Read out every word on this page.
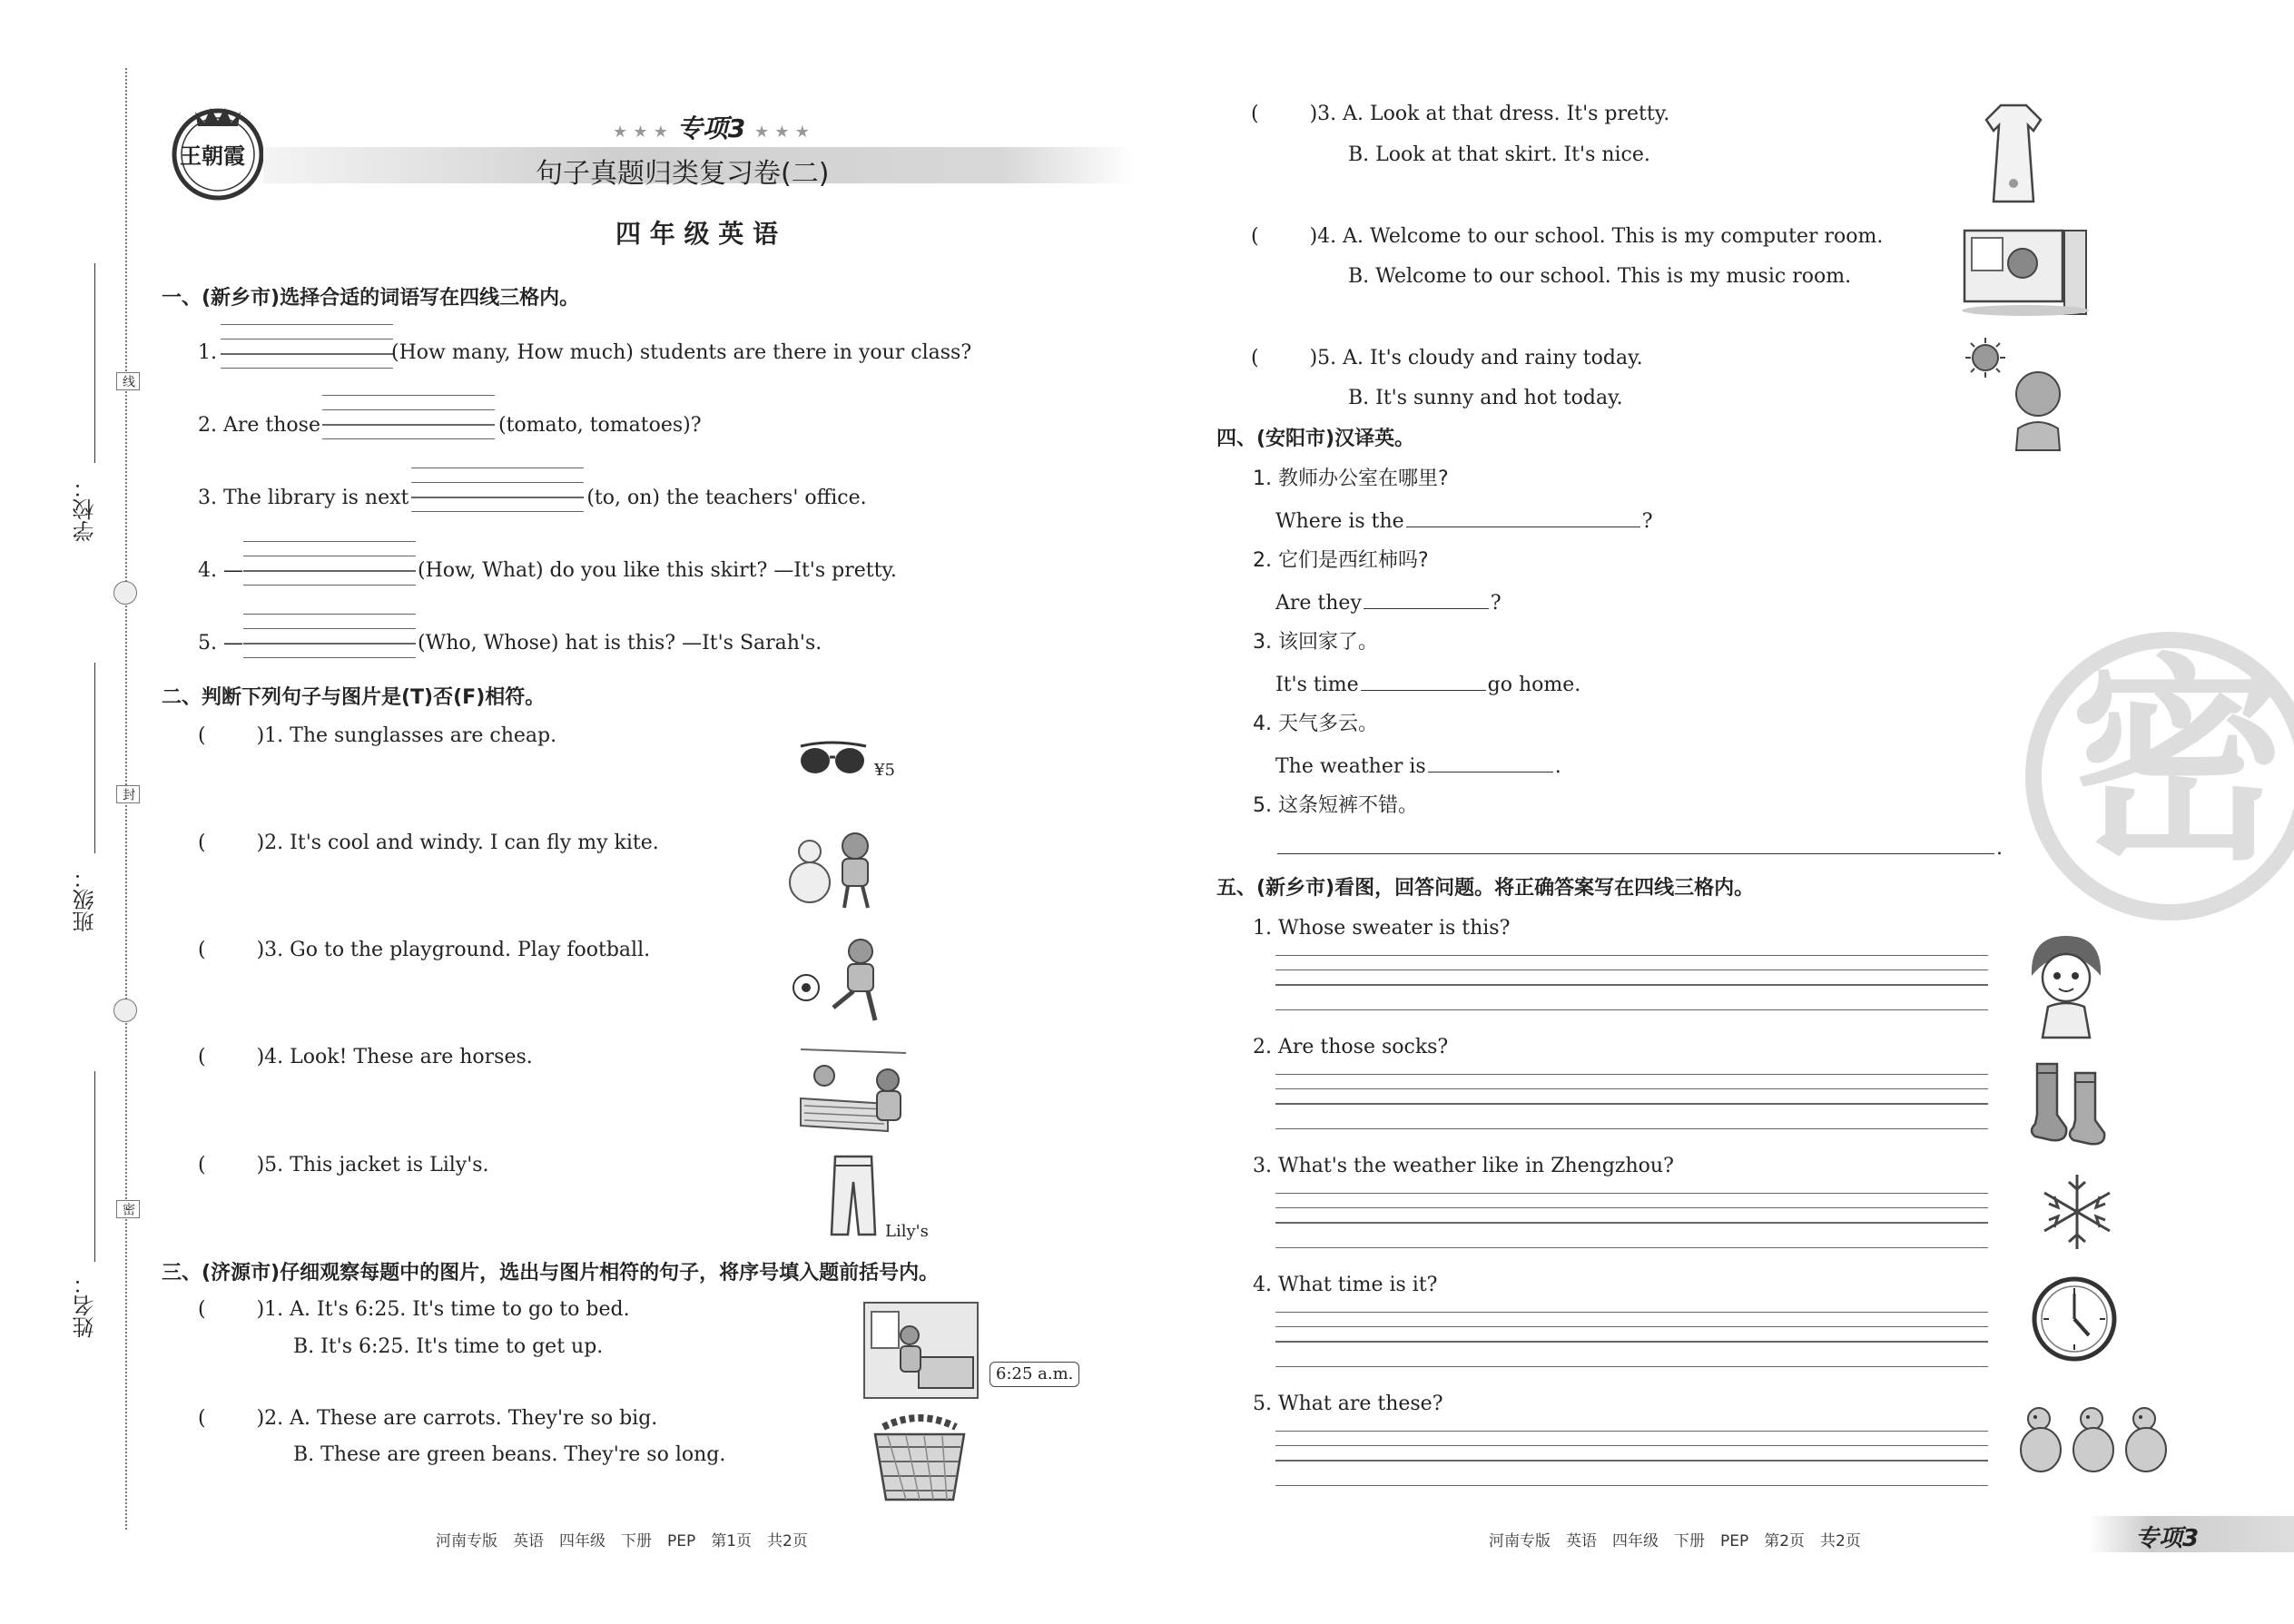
学校：
线
班级：
封
姓名：
密
王朝霞
★ ★ ★ 专项3 ★ ★ ★
句子真题归类复习卷(二)
四 年 级 英 语
一、(新乡市)选择合适的词语写在四线三格内。
1.	(How many, How much) students are there in your class?
2. Are those	(tomato, tomatoes)?
3. The library is next	(to, on) the teachers' office.
4. —	(How, What) do you like this skirt? —It's pretty.
5. —	(Who, Whose) hat is this? —It's Sarah's.
二、判断下列句子与图片是(T)否(F)相符。
(	)1. The sunglasses are cheap.
¥5
(	)2. It's cool and windy. I can fly my kite.
(	)3. Go to the playground. Play football.
(	)4. Look! These are horses.
(	)5. This jacket is Lily's.
Lily's
三、(济源市)仔细观察每题中的图片，选出与图片相符的句子，将序号填入题前括号内。
(	)1. A. It's 6:25. It's time to go to bed.
B. It's 6:25. It's time to get up.
6:25 a.m.
(	)2. A. These are carrots. They're so big.
B. These are green beans. They're so long.
河南专版　英语　四年级　下册　PEP　第1页　共2页
(	)3. A. Look at that dress. It's pretty.
B. Look at that skirt. It's nice.
(	)4. A. Welcome to our school. This is my computer room.
B. Welcome to our school. This is my music room.
(	)5. A. It's cloudy and rainy today.
B. It's sunny and hot today.
四、(安阳市)汉译英。
1. 教师办公室在哪里?
Where is the	?
2. 它们是西红柿吗?
Are they	?
3. 该回家了。
It's time	go home.
4. 天气多云。
The weather is	.
5. 这条短裤不错。
.
五、(新乡市)看图，回答问题。将正确答案写在四线三格内。
1. Whose sweater is this?
2. Are those socks?
3. What's the weather like in Zhengzhou?
4. What time is it?
5. What are these?
密
河南专版　英语　四年级　下册　PEP　第2页　共2页	专项3
